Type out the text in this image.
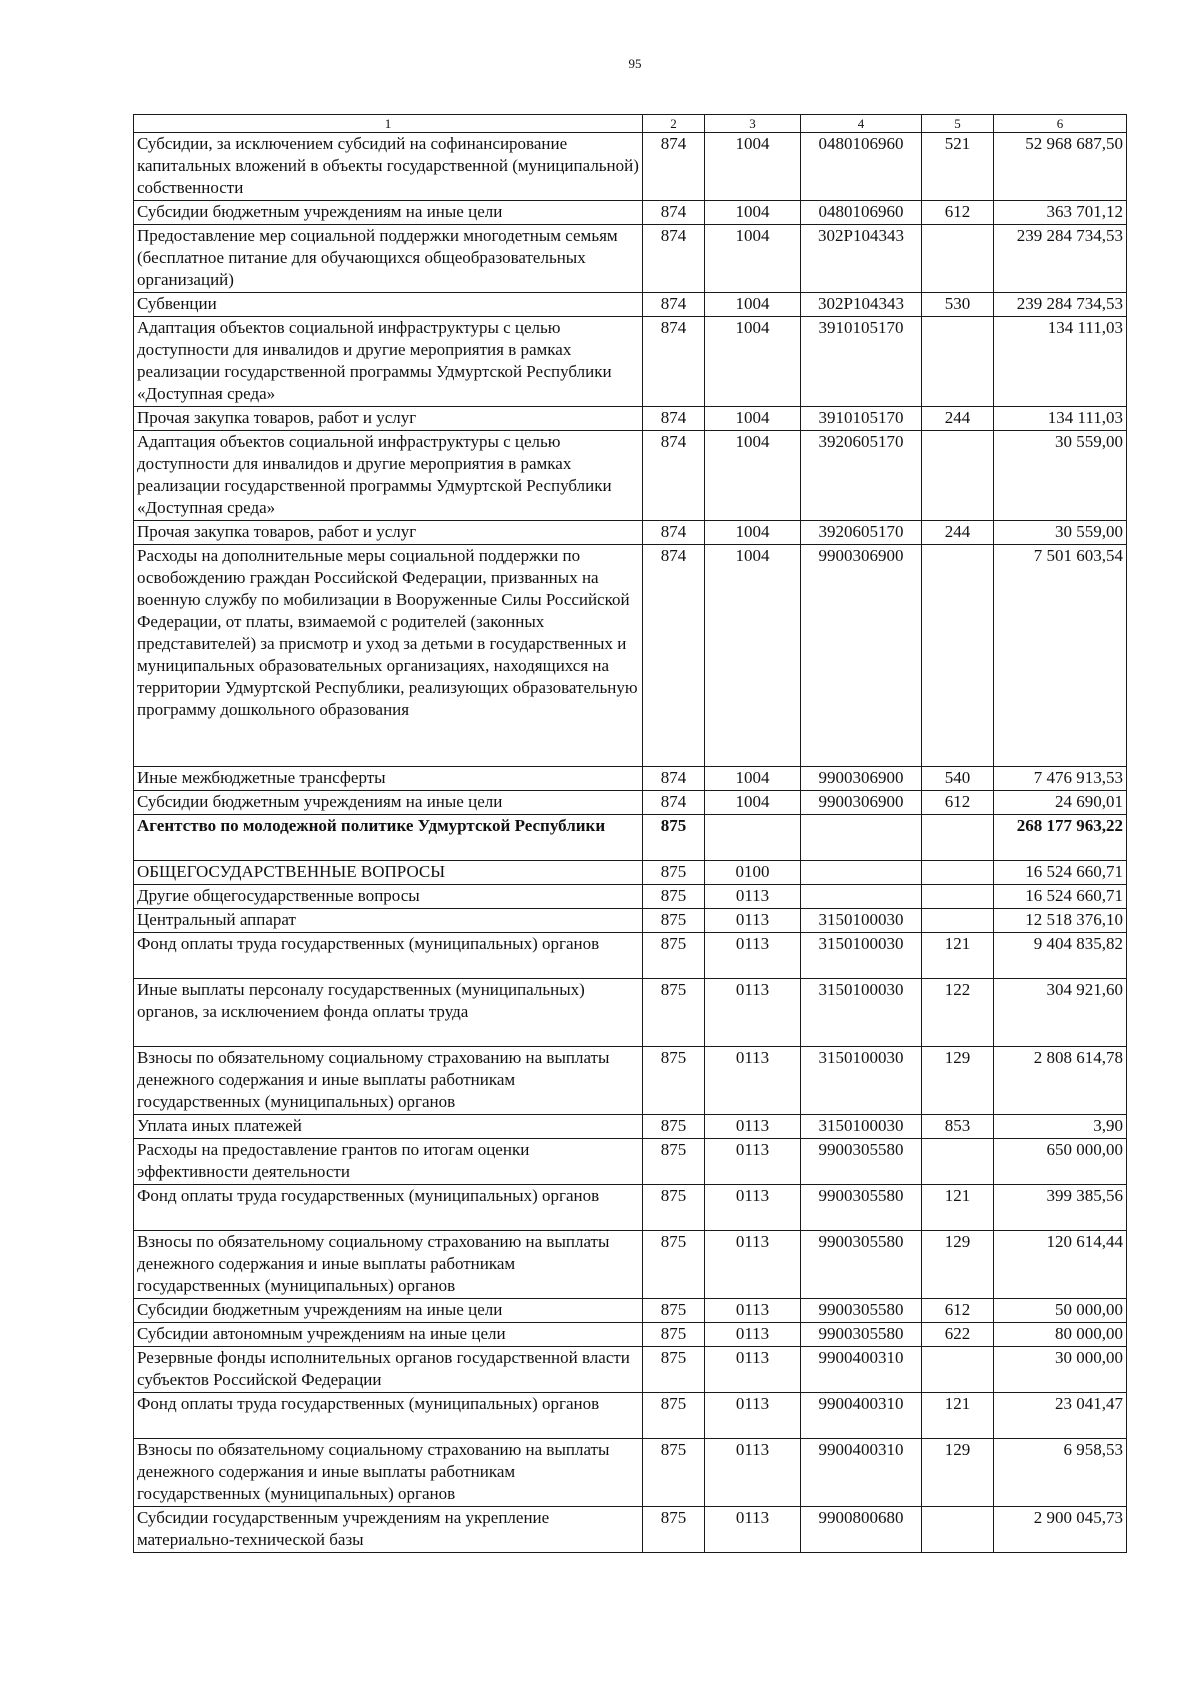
95
1	2	3	4	5	6
Субсидии, за исключением субсидий на софинансирование капитальных вложений в объекты государственной (муниципальной) собственности	874	1004	0480106960	521	52 968 687,50
Субсидии бюджетным учреждениям на иные цели	874	1004	0480106960	612	363 701,12
Предоставление мер социальной поддержки многодетным семьям (бесплатное питание для обучающихся общеобразовательных организаций)	874	1004	302P104343		239 284 734,53
Субвенции	874	1004	302P104343	530	239 284 734,53
Адаптация объектов социальной инфраструктуры с целью доступности для инвалидов и другие мероприятия в рамках реализации государственной программы Удмуртской Республики «Доступная среда»	874	1004	3910105170		134 111,03
Прочая закупка товаров, работ и услуг	874	1004	3910105170	244	134 111,03
Адаптация объектов социальной инфраструктуры с целью доступности для инвалидов и другие мероприятия в рамках реализации государственной программы Удмуртской Республики «Доступная среда»	874	1004	3920605170		30 559,00
Прочая закупка товаров, работ и услуг	874	1004	3920605170	244	30 559,00
Расходы на дополнительные меры социальной поддержки по освобождению граждан Российской Федерации, призванных на военную службу по мобилизации в Вооруженные Силы Российской Федерации, от платы, взимаемой с родителей (законных представителей) за присмотр и уход за детьми в государственных и муниципальных образовательных организациях, находящихся на территории Удмуртской Республики, реализующих образовательную программу дошкольного образования	874	1004	9900306900		7 501 603,54
Иные межбюджетные трансферты	874	1004	9900306900	540	7 476 913,53
Субсидии бюджетным учреждениям на иные цели	874	1004	9900306900	612	24 690,01
Агентство по молодежной политике Удмуртской Республики	875				268 177 963,22
ОБЩЕГОСУДАРСТВЕННЫЕ ВОПРОСЫ	875	0100			16 524 660,71
Другие общегосударственные вопросы	875	0113			16 524 660,71
Центральный аппарат	875	0113	3150100030		12 518 376,10
Фонд оплаты труда государственных (муниципальных) органов	875	0113	3150100030	121	9 404 835,82
Иные выплаты персоналу государственных (муниципальных) органов, за исключением фонда оплаты труда	875	0113	3150100030	122	304 921,60
Взносы по обязательному социальному страхованию на выплаты денежного содержания и иные выплаты работникам государственных (муниципальных) органов	875	0113	3150100030	129	2 808 614,78
Уплата иных платежей	875	0113	3150100030	853	3,90
Расходы на предоставление грантов по итогам оценки эффективности деятельности	875	0113	9900305580		650 000,00
Фонд оплаты труда государственных (муниципальных) органов	875	0113	9900305580	121	399 385,56
Взносы по обязательному социальному страхованию на выплаты денежного содержания и иные выплаты работникам государственных (муниципальных) органов	875	0113	9900305580	129	120 614,44
Субсидии бюджетным учреждениям на иные цели	875	0113	9900305580	612	50 000,00
Субсидии автономным учреждениям на иные цели	875	0113	9900305580	622	80 000,00
Резервные фонды исполнительных органов государственной власти субъектов Российской Федерации	875	0113	9900400310		30 000,00
Фонд оплаты труда государственных (муниципальных) органов	875	0113	9900400310	121	23 041,47
Взносы по обязательному социальному страхованию на выплаты денежного содержания и иные выплаты работникам государственных (муниципальных) органов	875	0113	9900400310	129	6 958,53
Субсидии государственным учреждениям на укрепление материально-технической базы	875	0113	9900800680		2 900 045,73
